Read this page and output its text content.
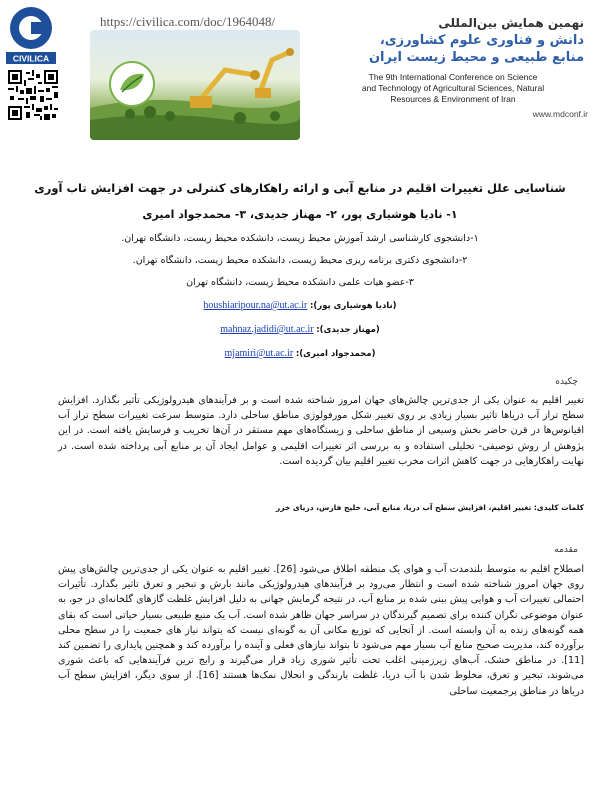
CIVILICA
https://civilica.com/doc/1964048/	نهمین همایش بین‌المللی
دانش و فناوری علوم کشاورزی،
منابع طبیعی و محیط زیست ایران
The 9th International Conference on Science
and Technology of Agricultural Sciences, Natural
Resources & Environment of Iran
www.mdconf.ir
شناسایی علل تغییرات اقلیم در منابع آبی و ارائه راهکارهای کنترلی در جهت افزایش تاب آوری
۱- نادیا هوشیاری پور، ۲- مهناز جدیدی، ۳- محمدجواد امیری
۱-دانشجوی کارشناسی ارشد آموزش محیط زیست، دانشکده محیط زیست، دانشگاه تهران.
۲-دانشجوی دکتری برنامه ریزی محیط زیست، دانشکده محیط زیست، دانشگاه تهران.
۳-عضو هیات علمی دانشکده محیط زیست، دانشگاه تهران
(نادیا هوشیاری پور): houshiaripour.na@ut.ac.ir
(مهناز جدیدی): mahnaz.jadidi@ut.ac.ir
(محمدجواد امیری): mjamiri@ut.ac.ir
چکیده
تغییر اقلیم به عنوان یکی از جدی‌ترین چالش‌های جهان امروز شناخته شده است و بر فرآیندهای هیدرولوژیکی تأثیر بگذارد. افزایش سطح تراز آب دریاها تاثیر بسیار زیادی بر روی تغییر شکل مورفولوژی مناطق ساحلی دارد. متوسط سرعت تغییرات سطح تراز آب اقیانوس‌ها در قرن حاضر بخش وسیعی از مناطق ساحلی و زیستگاه‌های مهم مستقر در آن‌ها تخریب و فرسایش یافته است. در این پژوهش از روش توصیفی- تحلیلی استفاده و به بررسی اثر تغییرات اقلیمی و عوامل ایجاد آن بر منابع آبی پرداخته شده است. در نهایت راهکارهایی در جهت کاهش اثرات مخرب تغییر اقلیم بیان گردیده است.
کلمات کلیدی: تغییر اقلیم، افزایش سطح آب دریا، منابع آبی، خلیج فارس، دریای خزر
مقدمه
اصطلاح اقلیم به متوسط بلندمدت آب و هوای یک منطقه اطلاق می‌شود [26]. تغییر اقلیم به عنوان یکی از جدی‌ترین چالش‌های پیش روی جهان امروز شناخته شده است و انتظار می‌رود بر فرآیندهای هیدرولوژیکی مانند بارش و تبخیر و تعرق تاثیر بگذارد. تأثیرات احتمالی تغییرات آب و هوایی پیش بینی شده بر منابع آب، در نتیجه گرمایش جهانی به دلیل افزایش غلظت گازهای گلخانه‌ای در جو، به عنوان موضوعی نگران کننده برای تصمیم گیرندگان در سراسر جهان ظاهر شده است. آب یک منبع طبیعی بسیار حیاتی است که بقای همه گونه‌های زنده به آن وابسته است. از آنجایی که توزیع مکانی آن به گونه‌ای نیست که بتواند نیاز های جمعیت را در سطح محلی برآورده کند، مدیریت صحیح منابع آب بسیار مهم می‌شود تا بتواند نیازهای فعلی و آینده را برآورده کند و همچنین پایداری را تضمین کند [11]. در مناطق خشک، آب‌های زیرزمینی اغلب تحت تأثیر شوری زیاد قرار می‌گیرند و رایج ترین فرآیندهایی که باعث شوری می‌شوند، تبخیر و تعرق، مخلوط شدن با آب دریا، غلظت بارندگی و انحلال نمک‌ها هستند [16]. از سوی دیگر، افزایش سطح آب دریاها در مناطق پرجمعیت ساحلی
